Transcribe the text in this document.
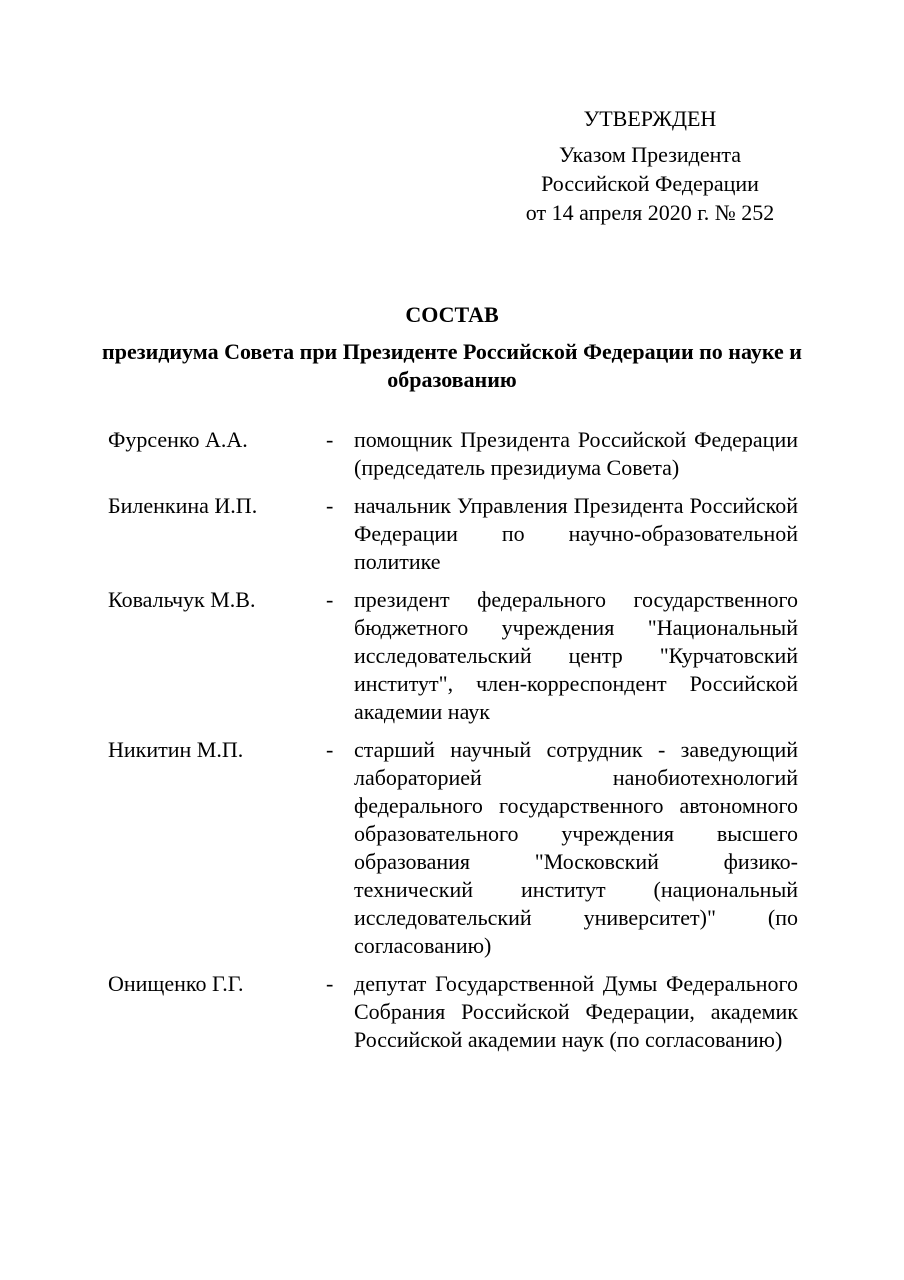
УТВЕРЖДЕН
Указом Президента
Российской Федерации
от 14 апреля 2020 г. № 252
СОСТАВ
президиума Совета при Президенте Российской Федерации по науке и образованию
Фурсенко А.А.	- помощник Президента Российской Федерации (председатель президиума Совета)
Биленкина И.П.	- начальник Управления Президента Российской Федерации по научно-образовательной политике
Ковальчук М.В.	- президент федерального государственного бюджетного учреждения "Национальный исследовательский центр "Курчатовский институт", член-корреспондент Российской академии наук
Никитин М.П.	- старший научный сотрудник - заведующий лабораторией нанобиотехнологий федерального государственного автономного образовательного учреждения высшего образования "Московский физико-технический институт (национальный исследовательский университет)" (по согласованию)
Онищенко Г.Г.	- депутат Государственной Думы Федерального Собрания Российской Федерации, академик Российской академии наук (по согласованию)
